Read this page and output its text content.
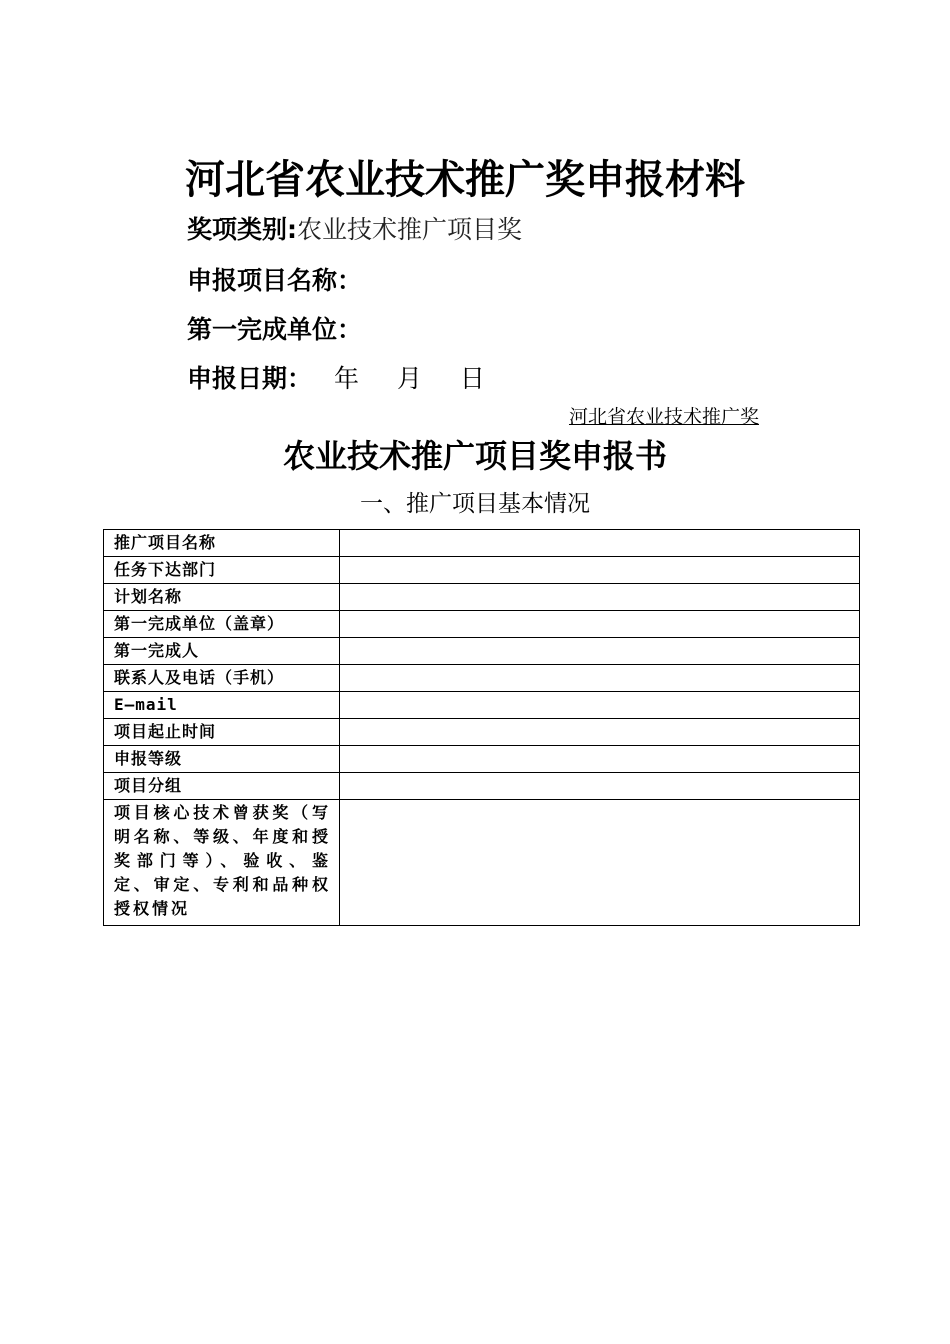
河北省农业技术推广奖申报材料

奖项类别:农业技术推广项目奖

申报项目名称：

第一完成单位：

申报日期： 年 月 日

河北省农业技术推广奖
农业技术推广项目奖申报书
一、推广项目基本情况
推广项目名称	
任务下达部门	
计划名称	
第一完成单位（盖章）	
第一完成人	
联系人及电话（手机）	
E—mail	
项目起止时间	
申报等级	
项目分组	
项目核心技术曾获奖（写明名称、等级、年度和授奖部门等）、验收、鉴定、审定、专利和品种权授权情况	
